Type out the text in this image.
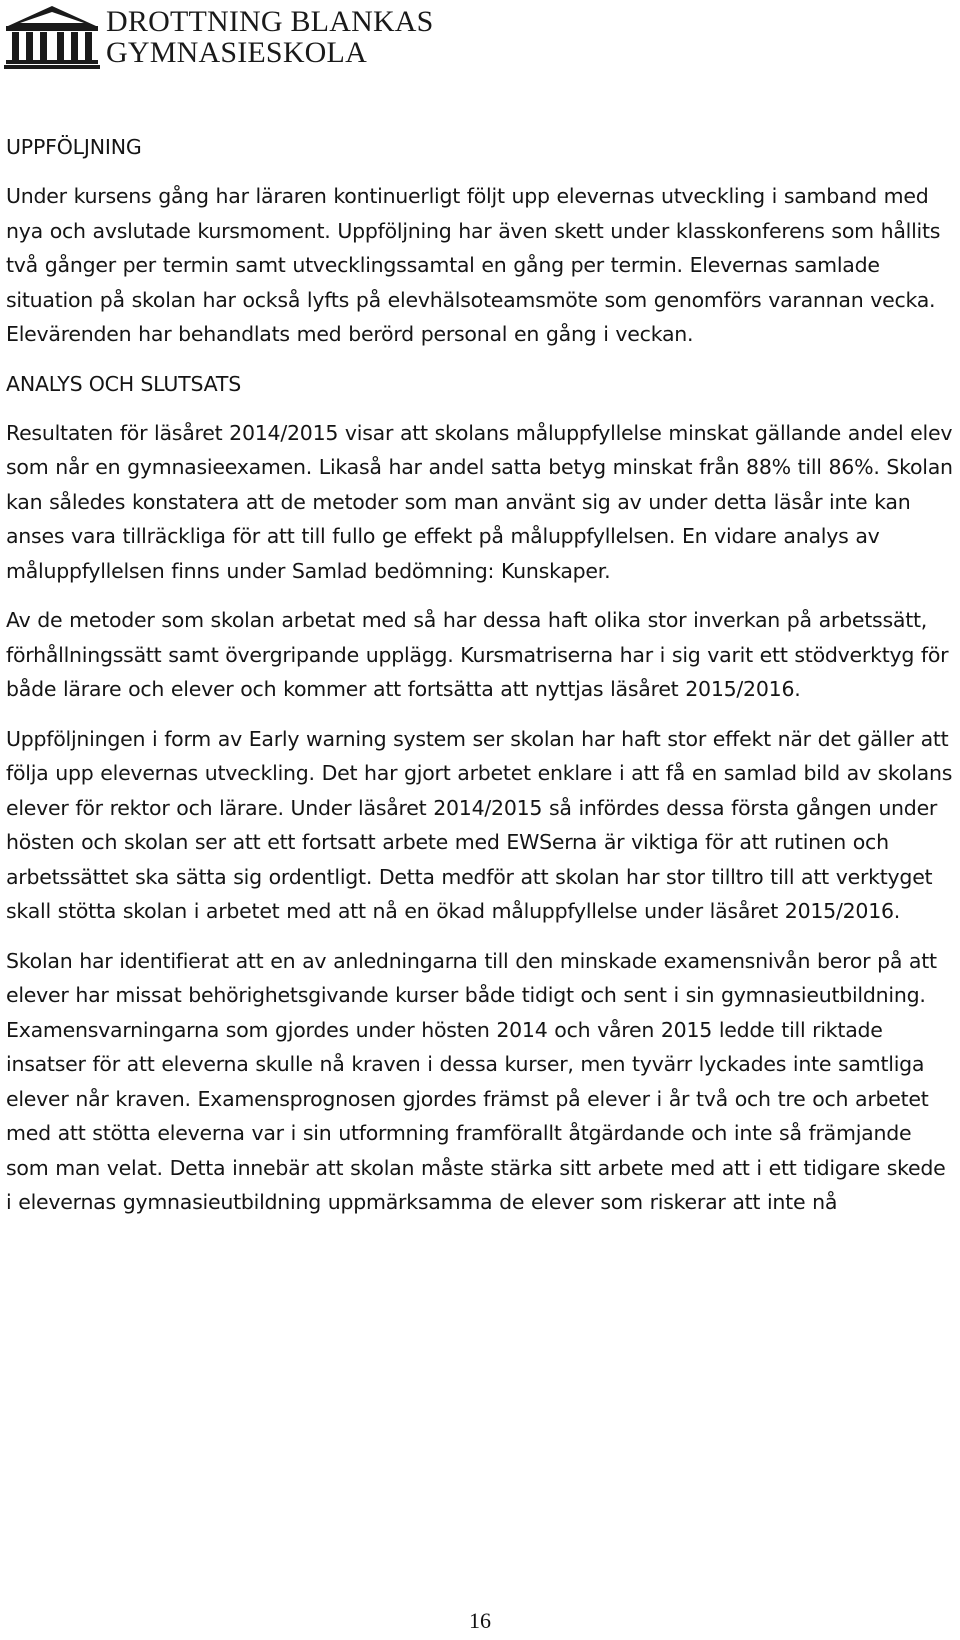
DROTTNING BLANKAS
GYMNASIESKOLA
UPPFÖLJNING

Under kursens gång har läraren kontinuerligt följt upp elevernas utveckling i samband med nya och avslutade kursmoment. Uppföljning har även skett under klasskonferens som hållits två gånger per termin samt utvecklingssamtal en gång per termin. Elevernas samlade situation på skolan har också lyfts på elevhälsoteamsmöte som genomförs varannan vecka. Elevärenden har behandlats med berörd personal en gång i veckan.

ANALYS OCH SLUTSATS

Resultaten för läsåret 2014/2015 visar att skolans måluppfyllelse minskat gällande andel elev som når en gymnasieexamen. Likaså har andel satta betyg minskat från 88% till 86%. Skolan kan således konstatera att de metoder som man använt sig av under detta läsår inte kan anses vara tillräckliga för att till fullo ge effekt på måluppfyllelsen. En vidare analys av måluppfyllelsen finns under Samlad bedömning: Kunskaper.

Av de metoder som skolan arbetat med så har dessa haft olika stor inverkan på arbetssätt, förhållningssätt samt övergripande upplägg. Kursmatriserna har i sig varit ett stödverktyg för både lärare och elever och kommer att fortsätta att nyttjas läsåret 2015/2016.

Uppföljningen i form av Early warning system ser skolan har haft stor effekt när det gäller att följa upp elevernas utveckling. Det har gjort arbetet enklare i att få en samlad bild av skolans elever för rektor och lärare. Under läsåret 2014/2015 så infördes dessa första gången under hösten och skolan ser att ett fortsatt arbete med EWSerna är viktiga för att rutinen och arbetssättet ska sätta sig ordentligt. Detta medför att skolan har stor tilltro till att verktyget skall stötta skolan i arbetet med att nå en ökad måluppfyllelse under läsåret 2015/2016.

Skolan har identifierat att en av anledningarna till den minskade examensnivån beror på att elever har missat behörighetsgivande kurser både tidigt och sent i sin gymnasieutbildning. Examensvarningarna som gjordes under hösten 2014 och våren 2015 ledde till riktade insatser för att eleverna skulle nå kraven i dessa kurser, men tyvärr lyckades inte samtliga elever når kraven. Examensprognosen gjordes främst på elever i år två och tre och arbetet med att stötta eleverna var i sin utformning framförallt åtgärdande och inte så främjande som man velat. Detta innebär att skolan måste stärka sitt arbete med att i ett tidigare skede i elevernas gymnasieutbildning uppmärksamma de elever som riskerar att inte nå

16
